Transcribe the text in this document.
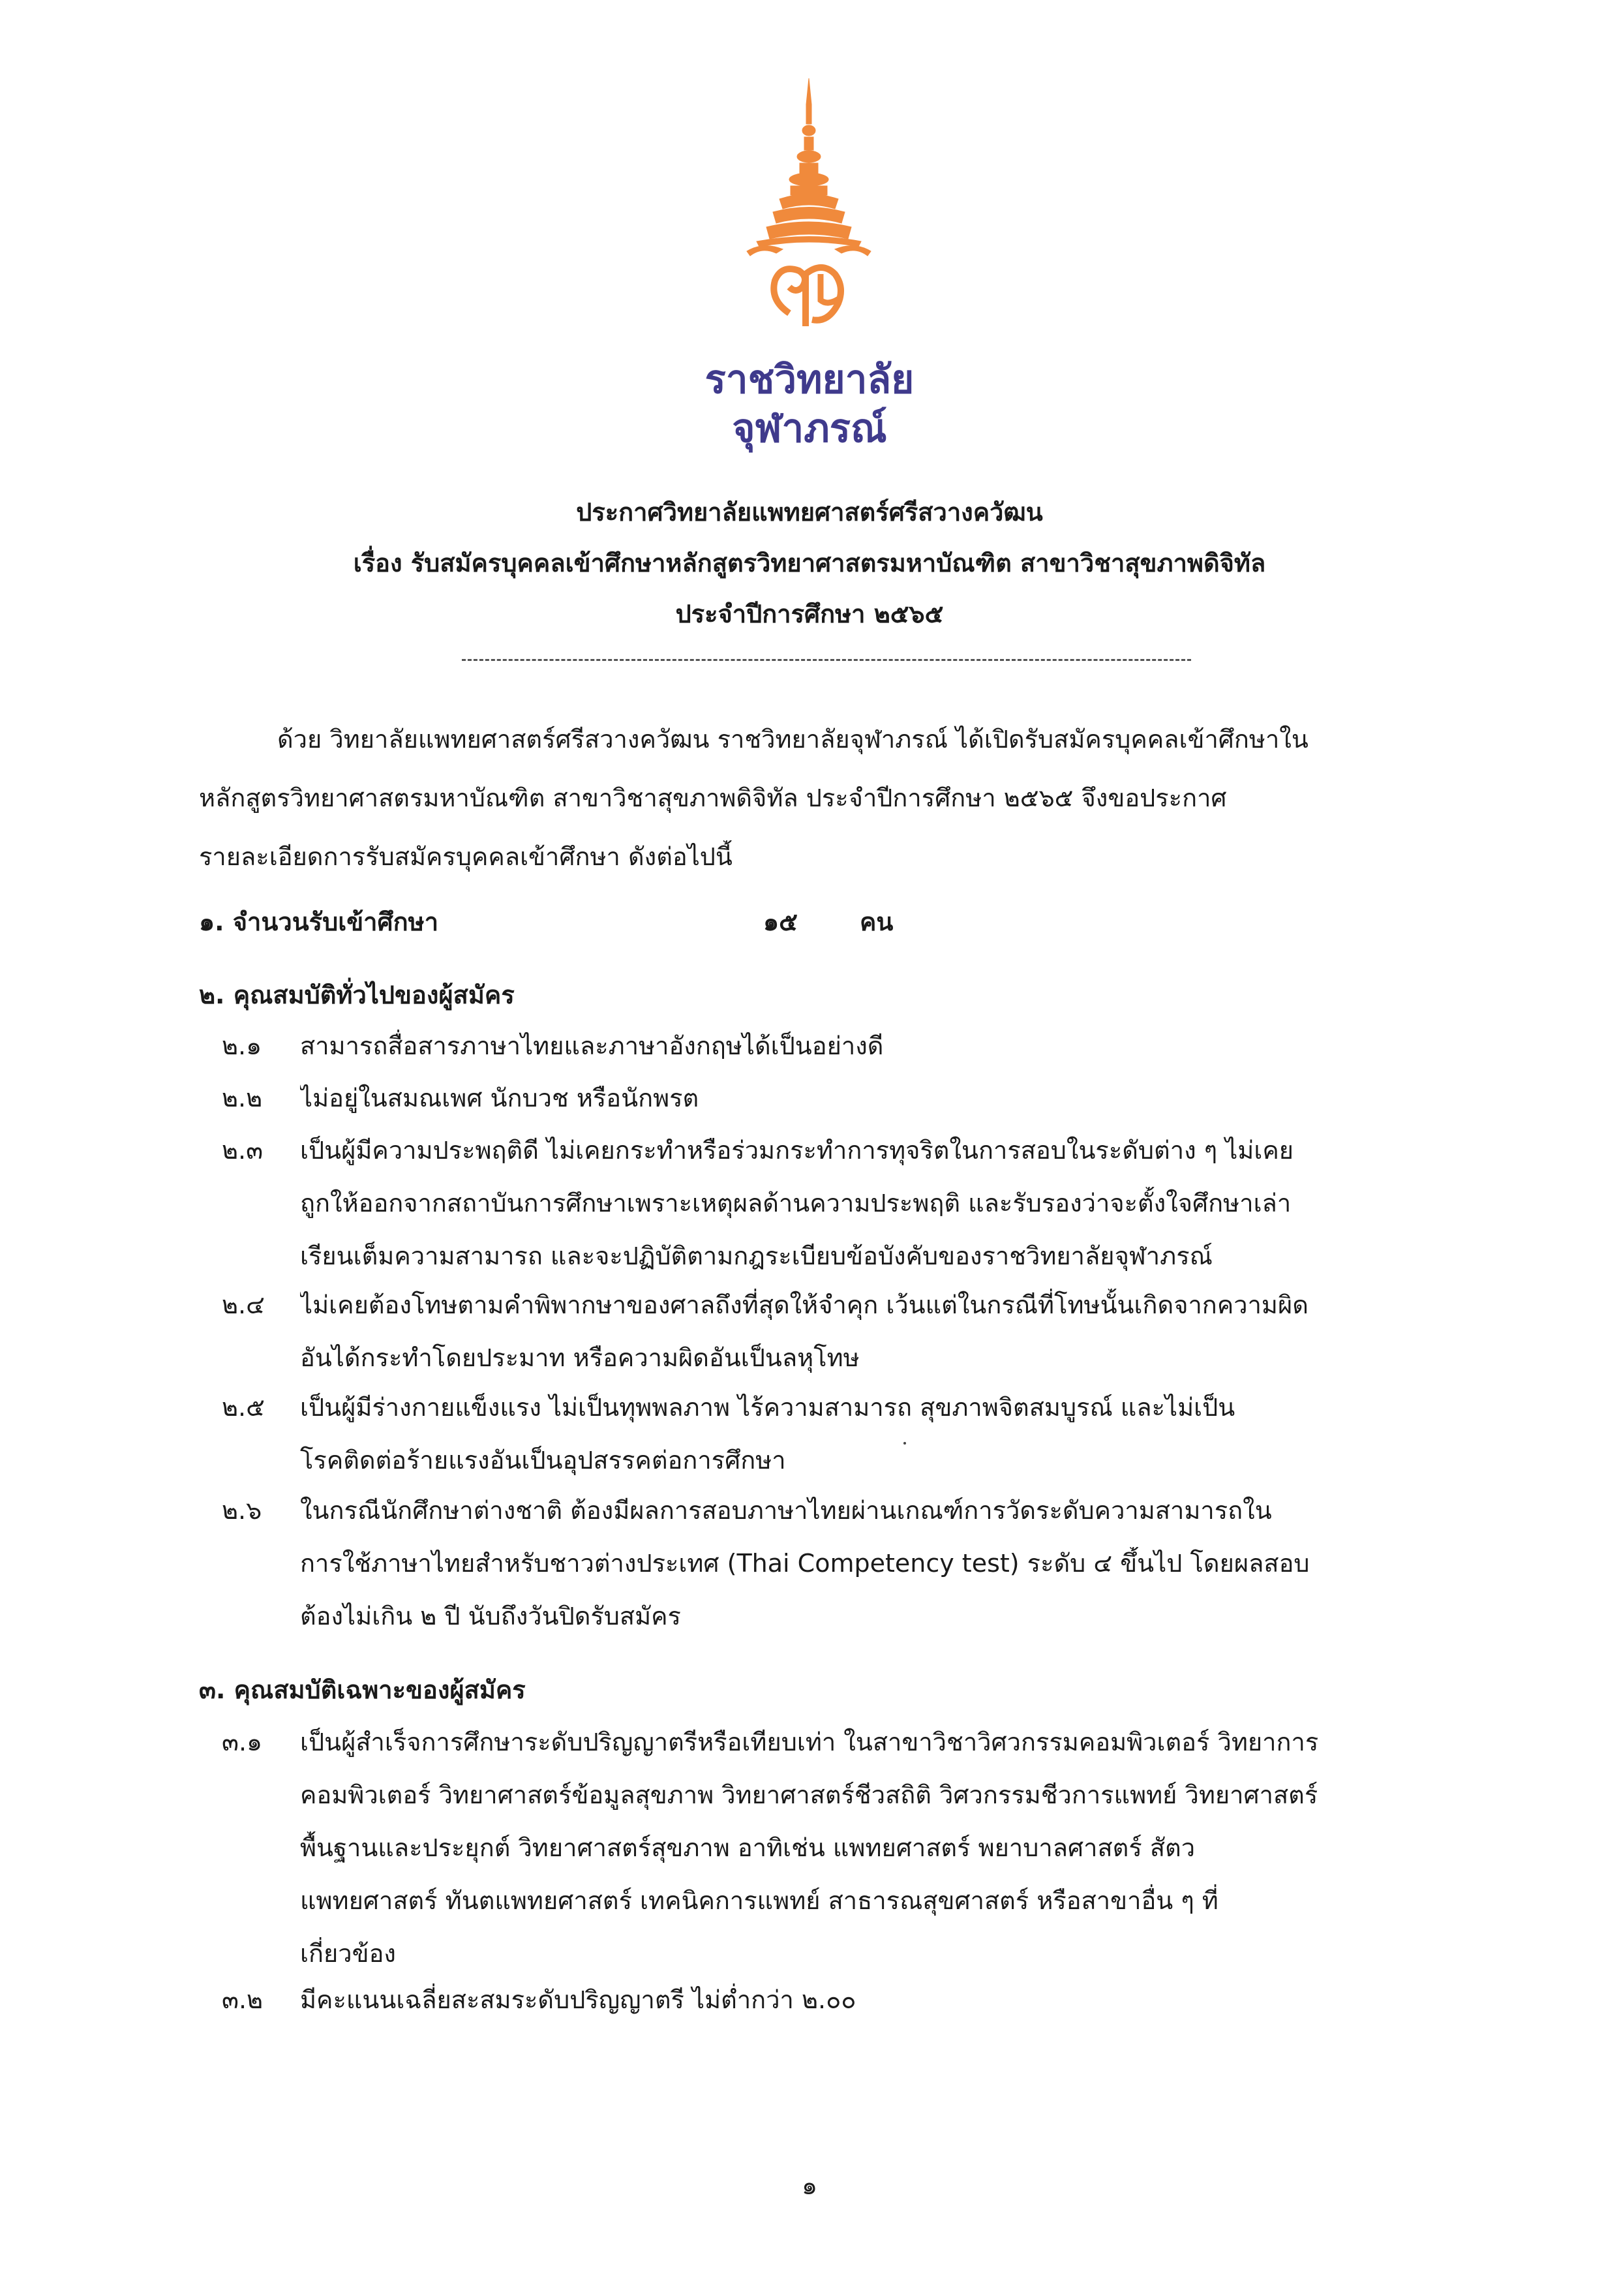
ราชวิทยาลัย
จุฬาภรณ์
ประกาศวิทยาลัยแพทยศาสตร์ศรีสวางควัฒน
เรื่อง รับสมัครบุคคลเข้าศึกษาหลักสูตรวิทยาศาสตรมหาบัณฑิต สาขาวิชาสุขภาพดิจิทัล
ประจำปีการศึกษา ๒๕๖๕
ด้วย วิทยาลัยแพทยศาสตร์ศรีสวางควัฒน ราชวิทยาลัยจุฬาภรณ์ ได้เปิดรับสมัครบุคคลเข้าศึกษาใน
หลักสูตรวิทยาศาสตรมหาบัณฑิต สาขาวิชาสุขภาพดิจิทัล ประจำปีการศึกษา ๒๕๖๕ จึงขอประกาศ
รายละเอียดการรับสมัครบุคคลเข้าศึกษา ดังต่อไปนี้
๑. จำนวนรับเข้าศึกษา	๑๕	คน
๒. คุณสมบัติทั่วไปของผู้สมัคร
๒.๑	สามารถสื่อสารภาษาไทยและภาษาอังกฤษได้เป็นอย่างดี
๒.๒	ไม่อยู่ในสมณเพศ นักบวช หรือนักพรต
๒.๓	เป็นผู้มีความประพฤติดี ไม่เคยกระทำหรือร่วมกระทำการทุจริตในการสอบในระดับต่าง ๆ ไม่เคย
ถูกให้ออกจากสถาบันการศึกษาเพราะเหตุผลด้านความประพฤติ และรับรองว่าจะตั้งใจศึกษาเล่า
เรียนเต็มความสามารถ และจะปฏิบัติตามกฎระเบียบข้อบังคับของราชวิทยาลัยจุฬาภรณ์
๒.๔	ไม่เคยต้องโทษตามคำพิพากษาของศาลถึงที่สุดให้จำคุก เว้นแต่ในกรณีที่โทษนั้นเกิดจากความผิด
อันได้กระทำโดยประมาท หรือความผิดอันเป็นลหุโทษ
๒.๕	เป็นผู้มีร่างกายแข็งแรง ไม่เป็นทุพพลภาพ ไร้ความสามารถ สุขภาพจิตสมบูรณ์ และไม่เป็น
โรคติดต่อร้ายแรงอันเป็นอุปสรรคต่อการศึกษา
๒.๖	ในกรณีนักศึกษาต่างชาติ ต้องมีผลการสอบภาษาไทยผ่านเกณฑ์การวัดระดับความสามารถใน
การใช้ภาษาไทยสำหรับชาวต่างประเทศ (Thai Competency test) ระดับ ๔ ขึ้นไป โดยผลสอบ
ต้องไม่เกิน ๒ ปี นับถึงวันปิดรับสมัคร
๓. คุณสมบัติเฉพาะของผู้สมัคร
๓.๑	เป็นผู้สำเร็จการศึกษาระดับปริญญาตรีหรือเทียบเท่า ในสาขาวิชาวิศวกรรมคอมพิวเตอร์ วิทยาการ
คอมพิวเตอร์ วิทยาศาสตร์ข้อมูลสุขภาพ วิทยาศาสตร์ชีวสถิติ วิศวกรรมชีวการแพทย์ วิทยาศาสตร์
พื้นฐานและประยุกต์ วิทยาศาสตร์สุขภาพ อาทิเช่น แพทยศาสตร์ พยาบาลศาสตร์ สัตว
แพทยศาสตร์ ทันตแพทยศาสตร์ เทคนิคการแพทย์ สาธารณสุขศาสตร์ หรือสาขาอื่น ๆ ที่
เกี่ยวข้อง
๓.๒	มีคะแนนเฉลี่ยสะสมระดับปริญญาตรี ไม่ต่ำกว่า ๒.๐๐
๑
